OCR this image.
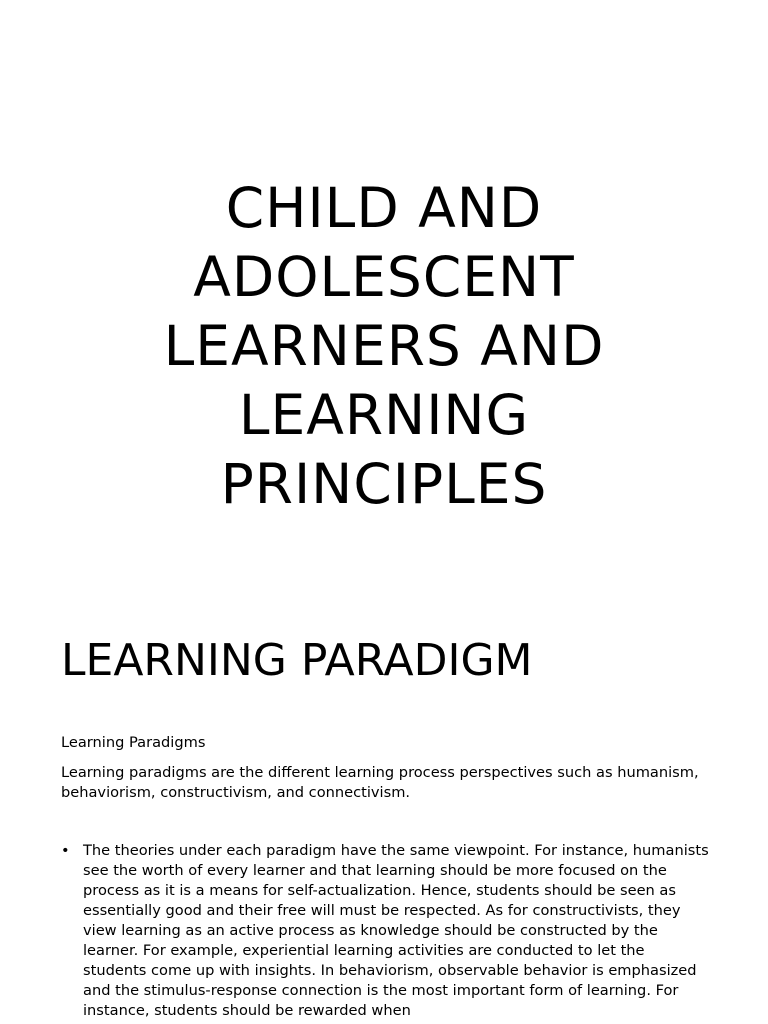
CHILD AND ADOLESCENT LEARNERS AND LEARNING PRINCIPLES
LEARNING PARADIGM

Learning Paradigms

Learning paradigms are the different learning process perspectives such as humanism, behaviorism, constructivism, and connectivism.

• The theories under each paradigm have the same viewpoint. For instance, humanists see the worth of every learner and that learning should be more focused on the process as it is a means for self-actualization. Hence, students should be seen as essentially good and their free will must be respected. As for constructivists, they view learning as an active process as knowledge should be constructed by the learner. For example, experiential learning activities are conducted to let the students come up with insights. In behaviorism, observable behavior is emphasized and the stimulus-response connection is the most important form of learning. For instance, students should be rewarded when
